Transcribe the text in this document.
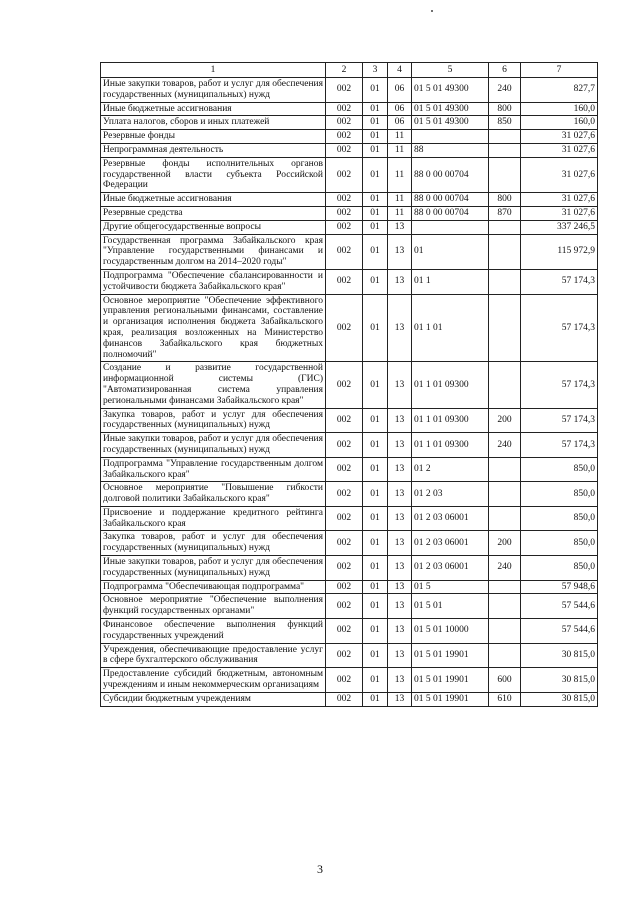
1	2	3	4	5	6	7
Иные закупки товаров, работ и услуг для обеспечения государственных (муниципальных) нужд	002	01	06	01 5 01 49300	240	827,7
Иные бюджетные ассигнования	002	01	06	01 5 01 49300	800	160,0
Уплата налогов, сборов и иных платежей	002	01	06	01 5 01 49300	850	160,0
Резервные фонды	002	01	11			31 027,6
Непрограммная деятельность	002	01	11	88		31 027,6
Резервные фонды исполнительных органов государственной власти субъекта Российской Федерации	002	01	11	88 0 00 00704		31 027,6
Иные бюджетные ассигнования	002	01	11	88 0 00 00704	800	31 027,6
Резервные средства	002	01	11	88 0 00 00704	870	31 027,6
Другие общегосударственные вопросы	002	01	13			337 246,5
Государственная программа Забайкальского края "Управление государственными финансами и государственным долгом на 2014–2020 годы"	002	01	13	01		115 972,9
Подпрограмма "Обеспечение сбалансированности и устойчивости бюджета Забайкальского края"	002	01	13	01 1		57 174,3
Основное мероприятие "Обеспечение эффективного управления региональными финансами, составление и организация исполнения бюджета Забайкальского края, реализация возложенных на Министерство финансов Забайкальского края бюджетных полномочий"	002	01	13	01 1 01		57 174,3
Создание и развитие государственной информационной системы (ГИС) "Автоматизированная система управления региональными финансами Забайкальского края"	002	01	13	01 1 01 09300		57 174,3
Закупка товаров, работ и услуг для обеспечения государственных (муниципальных) нужд	002	01	13	01 1 01 09300	200	57 174,3
Иные закупки товаров, работ и услуг для обеспечения государственных (муниципальных) нужд	002	01	13	01 1 01 09300	240	57 174,3
Подпрограмма "Управление государственным долгом Забайкальского края"	002	01	13	01 2		850,0
Основное мероприятие "Повышение гибкости долговой политики Забайкальского края"	002	01	13	01 2 03		850,0
Присвоение и поддержание кредитного рейтинга Забайкальского края	002	01	13	01 2 03 06001		850,0
Закупка товаров, работ и услуг для обеспечения государственных (муниципальных) нужд	002	01	13	01 2 03 06001	200	850,0
Иные закупки товаров, работ и услуг для обеспечения государственных (муниципальных) нужд	002	01	13	01 2 03 06001	240	850,0
Подпрограмма "Обеспечивающая подпрограмма"	002	01	13	01 5		57 948,6
Основное мероприятие "Обеспечение выполнения функций государственных органами"	002	01	13	01 5 01		57 544,6
Финансовое обеспечение выполнения функций государственных учреждений	002	01	13	01 5 01 10000		57 544,6
Учреждения, обеспечивающие предоставление услуг в сфере бухгалтерского обслуживания	002	01	13	01 5 01 19901		30 815,0
Предоставление субсидий бюджетным, автономным учреждениям и иным некоммерческим организациям	002	01	13	01 5 01 19901	600	30 815,0
Субсидии бюджетным учреждениям	002	01	13	01 5 01 19901	610	30 815,0
3
